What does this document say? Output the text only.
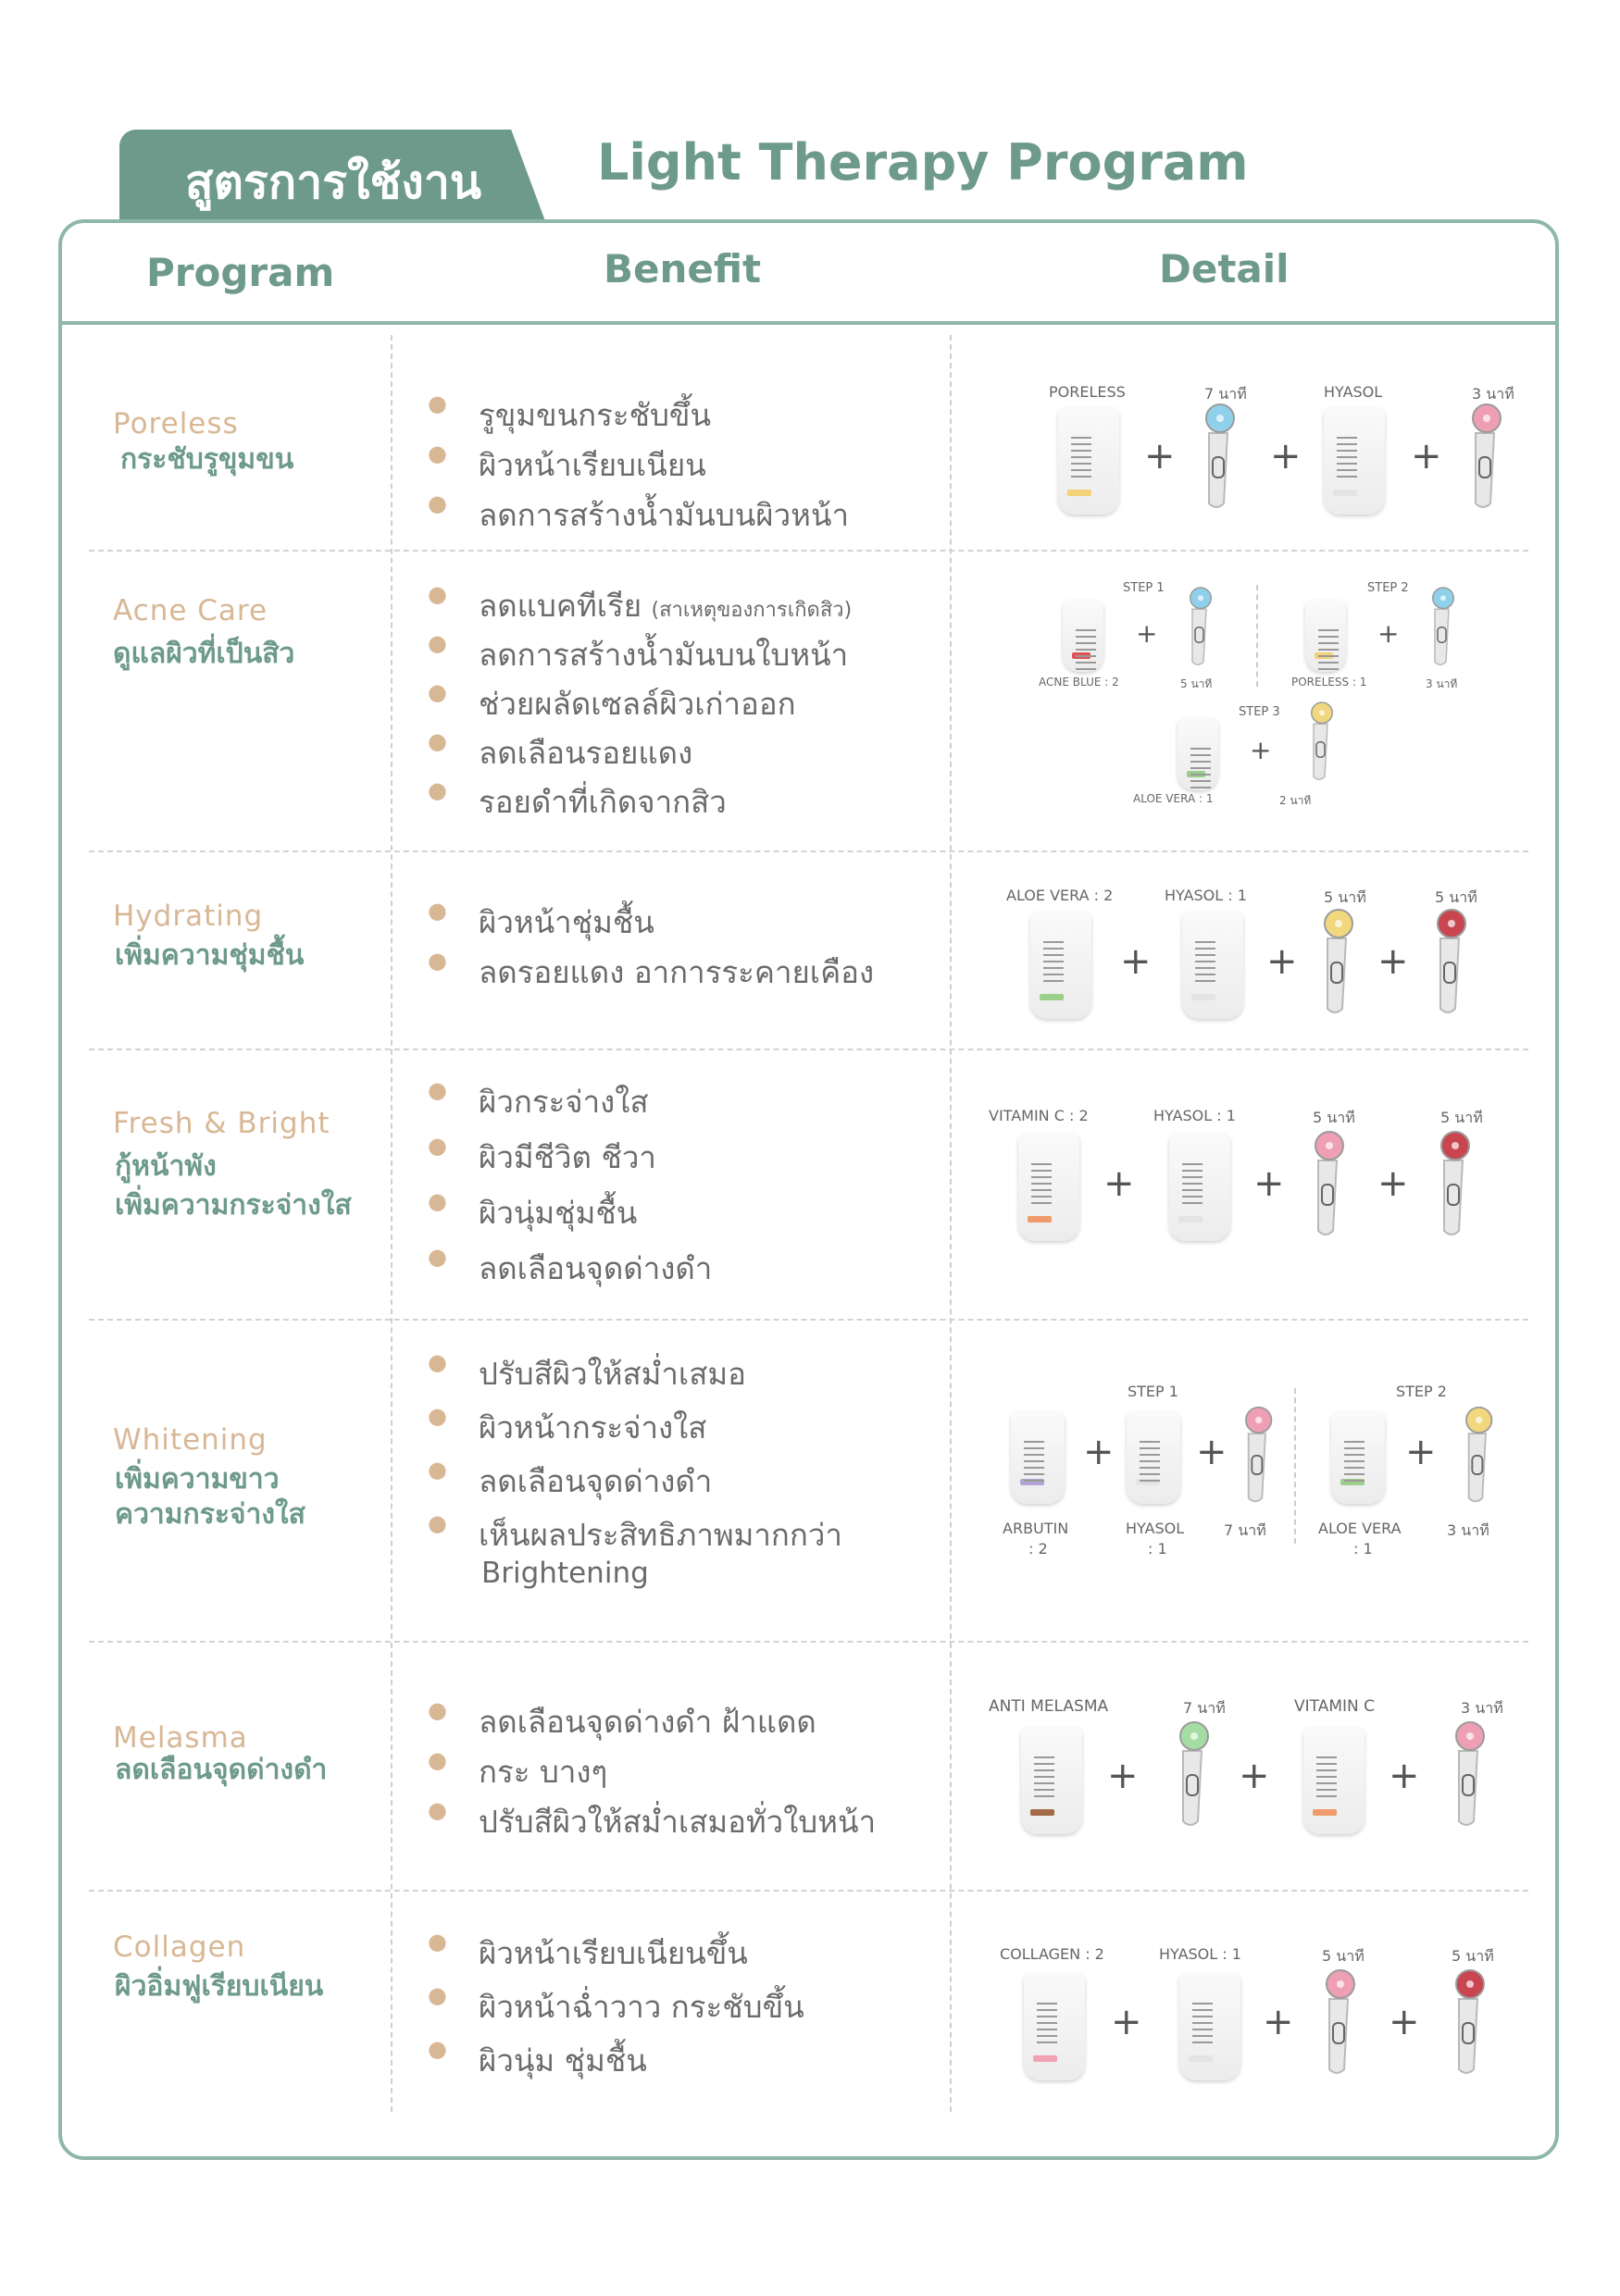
สูตรการใช้งาน Light Therapy Program
Program	Benefit	Detail
Poreless
กระชับรูขุมขน
● รูขุมขนกระชับขึ้น
● ผิวหน้าเรียบเนียน
● ลดการสร้างน้ำมันบนผิวหน้า
PORELESS	7 นาที	HYASOL	3 นาที
+	+	+
Acne Care
ดูแลผิวที่เป็นสิว
● ลดแบคทีเรีย (สาเหตุของการเกิดสิว)
● ลดการสร้างน้ำมันบนใบหน้า
● ช่วยผลัดเซลล์ผิวเก่าออก
● ลดเลือนรอยแดง
● รอยดำที่เกิดจากสิว
STEP 1	STEP 2
+
ACNE BLUE : 2	5 นาที
+
PORELESS : 1	3 นาที
STEP 3
+
ALOE VERA : 1	2 นาที
Hydrating
เพิ่มความชุ่มชื้น
● ผิวหน้าชุ่มชื้น
● ลดรอยแดง อาการระคายเคือง
ALOE VERA : 2	HYASOL : 1	5 นาที	5 นาที
+	+ +
Fresh & Bright
กู้หน้าพัง
เพิ่มความกระจ่างใส
● ผิวกระจ่างใส
● ผิวมีชีวิต ชีวา
● ผิวนุ่มชุ่มชื้น
● ลดเลือนจุดด่างดำ
VITAMIN C : 2	HYASOL : 1	5 นาที	5 นาที
+	+	+
Whitening
เพิ่มความขาว
ความกระจ่างใส
● ปรับสีผิวให้สม่ำเสมอ
● ผิวหน้ากระจ่างใส
● ลดเลือนจุดด่างดำ
● เห็นผลประสิทธิภาพมากกว่า
Brightening
STEP 1	STEP 2
+ +	+
ARBUTIN
: 2
HYASOL
: 1
7 นาที	ALOE VERA
: 1
3 นาที
Melasma
ลดเลือนจุดด่างดำ
● ลดเลือนจุดด่างดำ ฝ้าแดด
● กระ บางๆ
● ปรับสีผิวให้สม่ำเสมอทั่วใบหน้า
ANTI MELASMA	7 นาที	VITAMIN C	3 นาที
+	+	+
Collagen
ผิวอิ่มฟูเรียบเนียน
● ผิวหน้าเรียบเนียนขึ้น
● ผิวหน้าฉ่ำวาว กระชับขึ้น
● ผิวนุ่ม ชุ่มชื้น
COLLAGEN : 2	HYASOL : 1	5 นาที	5 นาที
+	+	+
